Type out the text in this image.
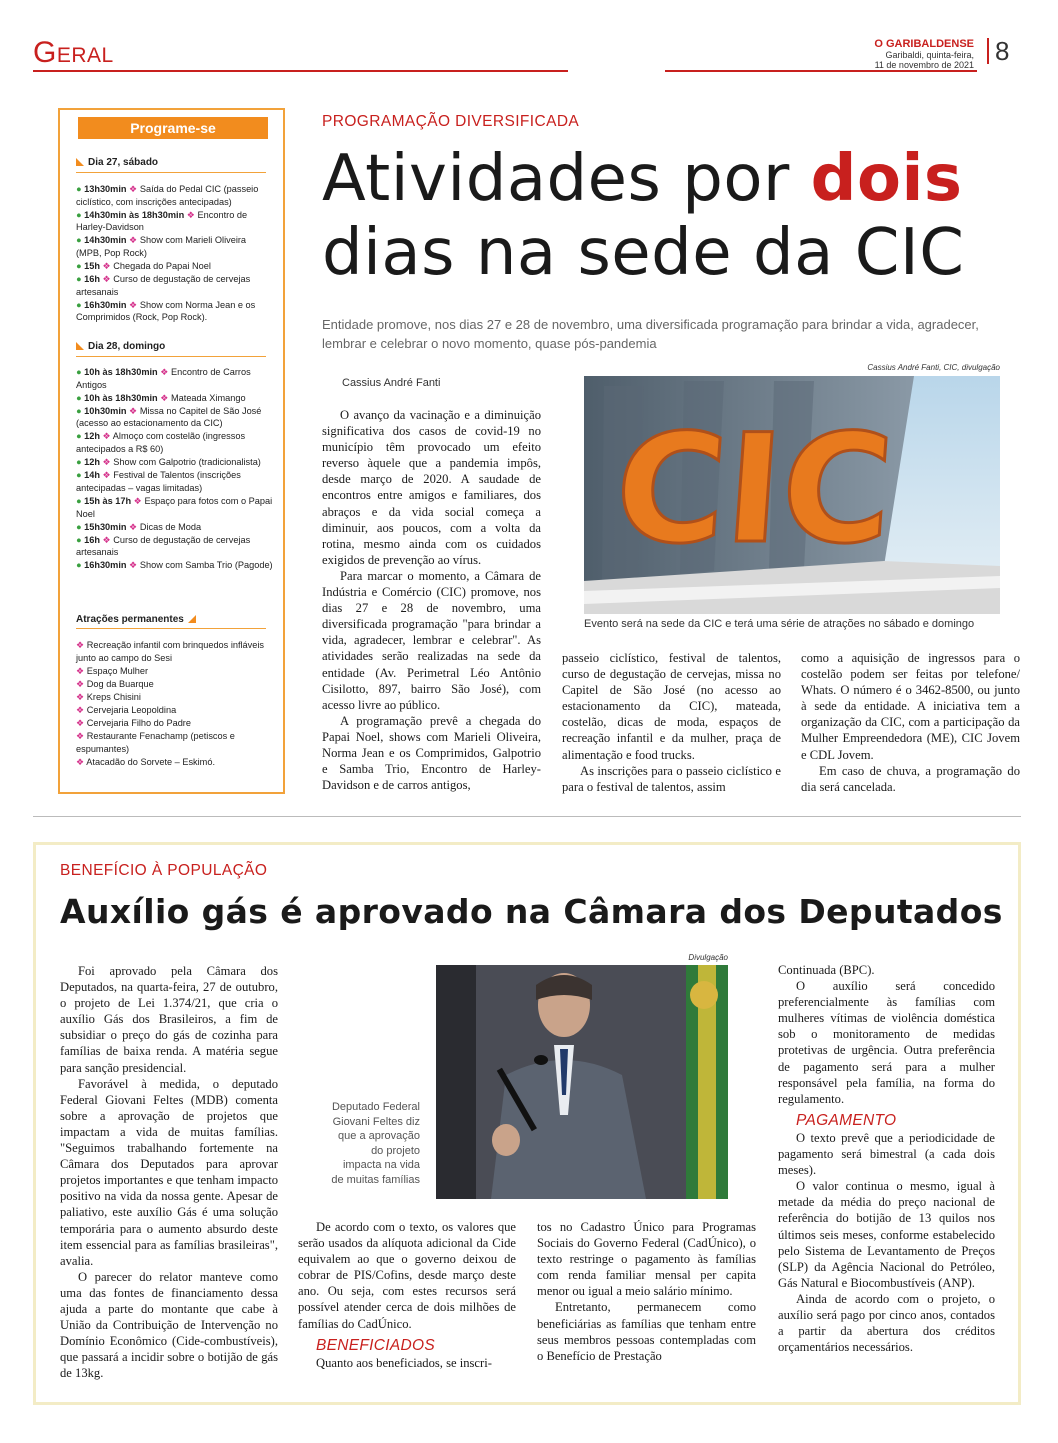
Geral	O GARIBALDENSE
Garibaldi, quinta-feira,
11 de novembro de 2021 8
Programe-se
Dia 27, sábado
● 13h30min ❖ Saída do Pedal CIC (passeio ciclístico, com inscrições antecipadas)
● 14h30min às 18h30min ❖ Encontro de Harley-Davidson
● 14h30min ❖ Show com Marieli Oliveira (MPB, Pop Rock)
● 15h ❖ Chegada do Papai Noel
● 16h ❖ Curso de degustação de cervejas artesanais
● 16h30min ❖ Show com Norma Jean e os Comprimidos (Rock, Pop Rock).
Dia 28, domingo
● 10h às 18h30min ❖ Encontro de Carros Antigos
● 10h às 18h30min ❖ Mateada Ximango
● 10h30min ❖ Missa no Capitel de São José (acesso ao estacionamento da CIC)
● 12h ❖ Almoço com costelão (ingressos antecipados a R$ 60)
● 12h ❖ Show com Galpotrio (tradicionalista)
● 14h ❖ Festival de Talentos (inscrições antecipadas – vagas limitadas)
● 15h às 17h ❖ Espaço para fotos com o Papai Noel
● 15h30min ❖ Dicas de Moda
● 16h ❖ Curso de degustação de cervejas artesanais
● 16h30min ❖ Show com Samba Trio (Pagode)
Atrações permanentes
❖ Recreação infantil com brinquedos infláveis junto ao campo do Sesi
❖ Espaço Mulher
❖ Dog da Buarque
❖ Kreps Chisini
❖ Cervejaria Leopoldina
❖ Cervejaria Filho do Padre
❖ Restaurante Fenachamp (petiscos e espumantes)
❖ Atacadão do Sorvete – Eskimó.
PROGRAMAÇÃO DIVERSIFICADA
Atividades por dois
dias na sede da CIC
Entidade promove, nos dias 27 e 28 de novembro, uma diversificada programação para brindar a vida, agradecer, lembrar e celebrar o novo momento, quase pós-pandemia
Cassius André Fanti
Cassius André Fanti, CIC, divulgação
CIC
Evento será na sede da CIC e terá uma série de atrações no sábado e domingo

O avanço da vacinação e a diminuição significativa dos casos de covid-19 no município têm provocado um efeito reverso àquele que a pandemia impôs, desde março de 2020. A saudade de encontros entre amigos e familiares, dos abraços e da vida social começa a diminuir, aos poucos, com a volta da rotina, mesmo ainda com os cuidados exigidos de prevenção ao vírus.

Para marcar o momento, a Câmara de Indústria e Comércio (CIC) promove, nos dias 27 e 28 de novembro, uma diversificada programação "para brindar a vida, agradecer, lembrar e celebrar". As atividades serão realizadas na sede da entidade (Av. Perimetral Léo Antônio Cisilotto, 897, bairro São José), com acesso livre ao público.

A programação prevê a chegada do Papai Noel, shows com Marieli Oliveira, Norma Jean e os Comprimidos, Galpotrio e Samba Trio, Encontro de Harley-Davidson e de carros antigos,

passeio ciclístico, festival de talentos, curso de degustação de cervejas, missa no Capitel de São José (no acesso ao estacionamento da CIC), mateada, costelão, dicas de moda, espaços de recreação infantil e da mulher, praça de alimentação e food trucks.

As inscrições para o passeio ciclístico e para o festival de talentos, assim

como a aquisição de ingressos para o costelão podem ser feitas por telefone/ Whats. O número é o 3462-8500, ou junto à sede da entidade. A iniciativa tem a organização da CIC, com a participação da Mulher Empreendedora (ME), CIC Jovem e CDL Jovem.

Em caso de chuva, a programação do dia será cancelada.

BENEFÍCIO À POPULAÇÃO
Auxílio gás é aprovado na Câmara dos Deputados
Divulgação
Deputado Federal Giovani Feltes diz que a aprovação do projeto impacta na vida de muitas famílias

Foi aprovado pela Câmara dos Deputados, na quarta-feira, 27 de outubro, o projeto de Lei 1.374/21, que cria o auxílio Gás dos Brasileiros, a fim de subsidiar o preço do gás de cozinha para famílias de baixa renda. A matéria segue para sanção presidencial.

Favorável à medida, o deputado Federal Giovani Feltes (MDB) comenta sobre a aprovação de projetos que impactam a vida de muitas famílias. "Seguimos trabalhando fortemente na Câmara dos Deputados para aprovar projetos importantes e que tenham impacto positivo na vida da nossa gente. Apesar de paliativo, este auxílio Gás é uma solução temporária para o aumento absurdo deste item essencial para as famílias brasileiras", avalia.

O parecer do relator manteve como uma das fontes de financiamento dessa ajuda a parte do montante que cabe à União da Contribuição de Intervenção no Domínio Econômico (Cide-combustíveis), que passará a incidir sobre o botijão de gás de 13kg.

De acordo com o texto, os valores que serão usados da alíquota adicional da Cide equivalem ao que o governo deixou de cobrar de PIS/Cofins, desde março deste ano. Ou seja, com estes recursos será possível atender cerca de dois milhões de famílias do CadÚnico.

BENEFICIADOS

Quanto aos beneficiados, se inscri-

tos no Cadastro Único para Programas Sociais do Governo Federal (CadÚnico), o texto restringe o pagamento às famílias com renda familiar mensal per capita menor ou igual a meio salário mínimo.

Entretanto, permanecem como beneficiárias as famílias que tenham entre seus membros pessoas contempladas com o Benefício de Prestação

Continuada (BPC).

O auxílio será concedido preferencialmente às famílias com mulheres vítimas de violência doméstica sob o monitoramento de medidas protetivas de urgência. Outra preferência de pagamento será para a mulher responsável pela família, na forma do regulamento.

PAGAMENTO

O texto prevê que a periodicidade de pagamento será bimestral (a cada dois meses).

O valor continua o mesmo, igual à metade da média do preço nacional de referência do botijão de 13 quilos nos últimos seis meses, conforme estabelecido pelo Sistema de Levantamento de Preços (SLP) da Agência Nacional do Petróleo, Gás Natural e Biocombustíveis (ANP).

Ainda de acordo com o projeto, o auxílio será pago por cinco anos, contados a partir da abertura dos créditos orçamentários necessários.
